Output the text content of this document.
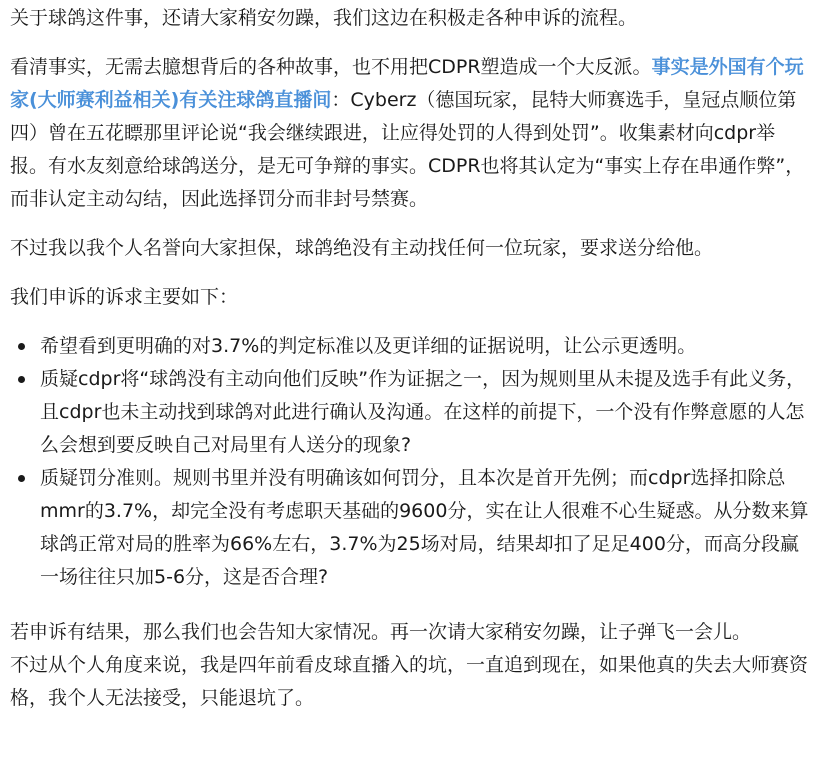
关于球鸽这件事，还请大家稍安勿躁，我们这边在积极走各种申诉的流程。

看清事实，无需去臆想背后的各种故事，也不用把CDPR塑造成一个大反派。事实是外国有个玩家(大师赛利益相关)有关注球鸽直播间：Cyberz（德国玩家，昆特大师赛选手，皇冠点顺位第四）曾在五花瞟那里评论说“我会继续跟进，让应得处罚的人得到处罚”。收集素材向cdpr举报。有水友刻意给球鸽送分，是无可争辩的事实。CDPR也将其认定为“事实上存在串通作弊”，而非认定主动勾结，因此选择罚分而非封号禁赛。

不过我以我个人名誉向大家担保，球鸽绝没有主动找任何一位玩家，要求送分给他。

我们申诉的诉求主要如下：

希望看到更明确的对3.7%的判定标准以及更详细的证据说明，让公示更透明。
质疑cdpr将“球鸽没有主动向他们反映”作为证据之一，因为规则里从未提及选手有此义务，且cdpr也未主动找到球鸽对此进行确认及沟通。在这样的前提下，一个没有作弊意愿的人怎么会想到要反映自己对局里有人送分的现象?
质疑罚分准则。规则书里并没有明确该如何罚分，且本次是首开先例；而cdpr选择扣除总mmr的3.7%，却完全没有考虑职天基础的9600分，实在让人很难不心生疑惑。从分数来算球鸽正常对局的胜率为66%左右，3.7%为25场对局，结果却扣了足足400分，而高分段赢一场往往只加5-6分，这是否合理?

若申诉有结果，那么我们也会告知大家情况。再一次请大家稍安勿躁，让子弹飞一会儿。

不过从个人角度来说，我是四年前看皮球直播入的坑，一直追到现在，如果他真的失去大师赛资格，我个人无法接受，只能退坑了。
